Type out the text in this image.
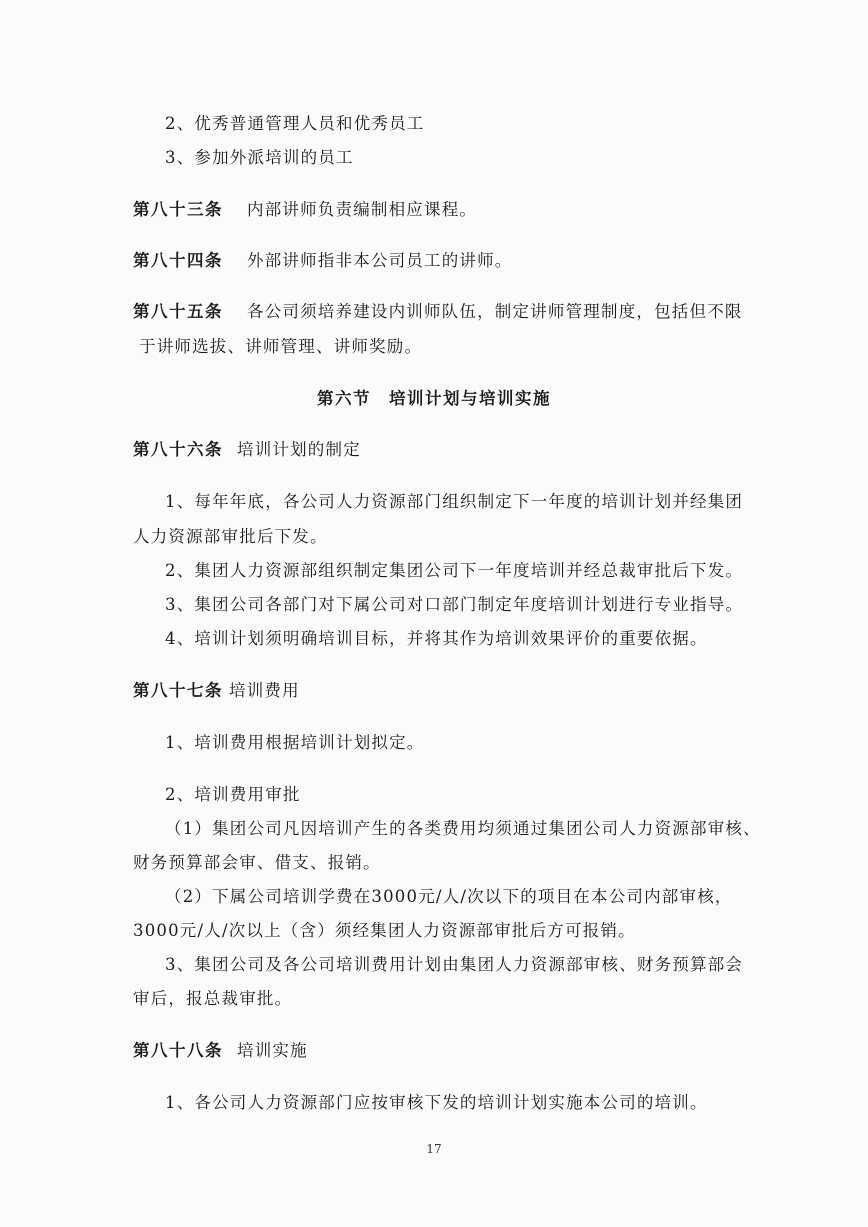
2、优秀普通管理人员和优秀员工
3、参加外派培训的员工
第八十三条 内部讲师负责编制相应课程。
第八十四条 外部讲师指非本公司员工的讲师。
第八十五条 各公司须培养建设内训师队伍，制定讲师管理制度，包括但不限
于讲师选拔、讲师管理、讲师奖励。
第六节　培训计划与培训实施
第八十六条 培训计划的制定
1、每年年底，各公司人力资源部门组织制定下一年度的培训计划并经集团
人力资源部审批后下发。
2、集团人力资源部组织制定集团公司下一年度培训并经总裁审批后下发。
3、集团公司各部门对下属公司对口部门制定年度培训计划进行专业指导。
4、培训计划须明确培训目标，并将其作为培训效果评价的重要依据。
第八十七条 培训费用
1、培训费用根据培训计划拟定。
2、培训费用审批
（1）集团公司凡因培训产生的各类费用均须通过集团公司人力资源部审核、
财务预算部会审、借支、报销。
（2）下属公司培训学费在3000元/人/次以下的项目在本公司内部审核，
3000元/人/次以上（含）须经集团人力资源部审批后方可报销。
3、集团公司及各公司培训费用计划由集团人力资源部审核、财务预算部会
审后，报总裁审批。
第八十八条 培训实施
1、各公司人力资源部门应按审核下发的培训计划实施本公司的培训。
17
